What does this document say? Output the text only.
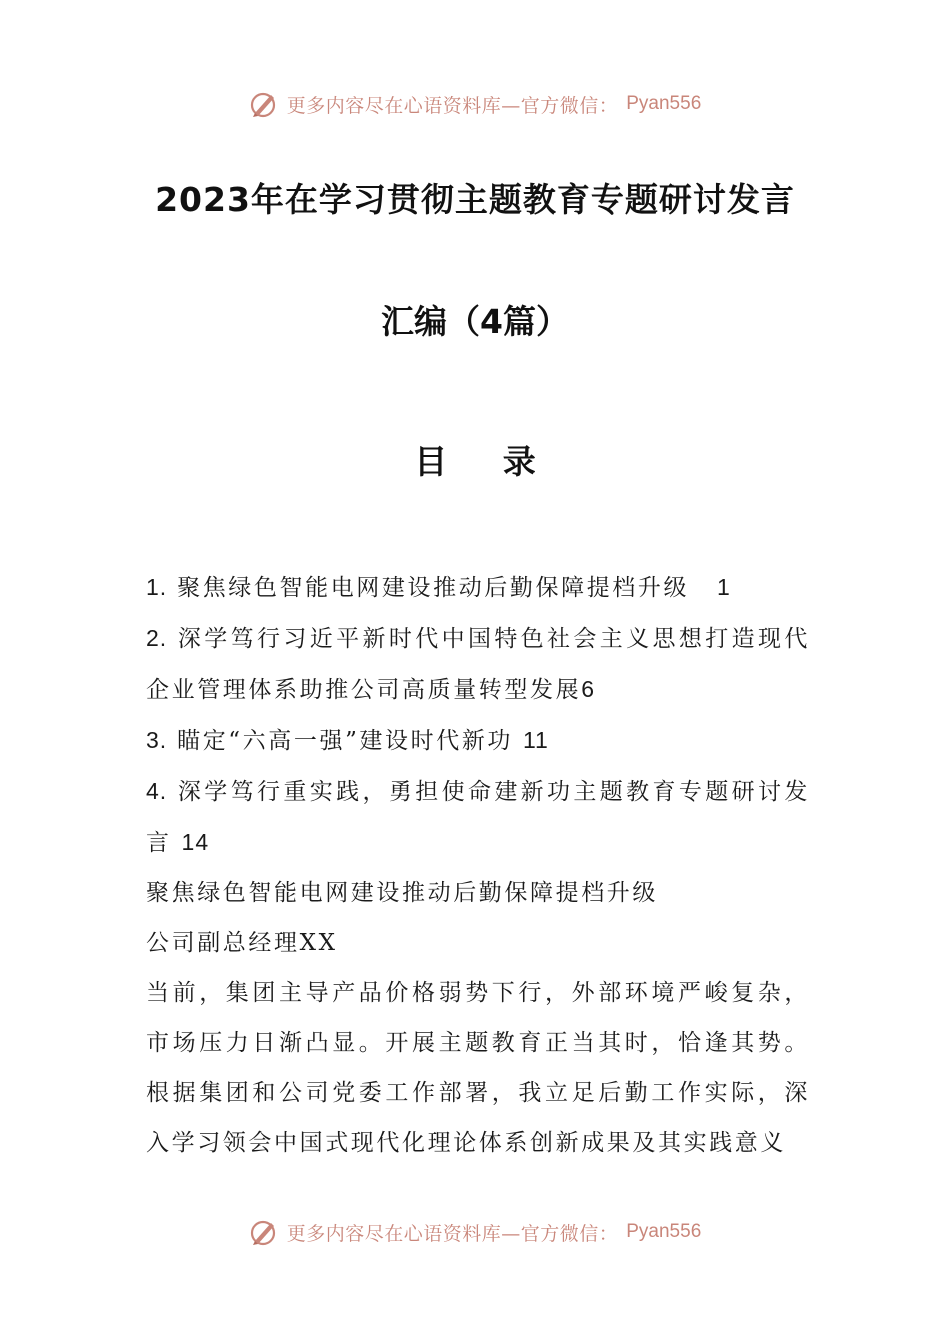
更多内容尽在心语资料库—官方微信： Pyan556
2023年在学习贯彻主题教育专题研讨发言
汇编（4篇）
目 录

1. 聚焦绿色智能电网建设推动后勤保障提档升级 1

2. 深学笃行习近平新时代中国特色社会主义思想打造现代企业管理体系助推公司高质量转型发展6

3. 瞄定“六高一强”建设时代新功 11

4. 深学笃行重实践，勇担使命建新功主题教育专题研讨发言 14

聚焦绿色智能电网建设推动后勤保障提档升级

公司副总经理XX

当前，集团主导产品价格弱势下行，外部环境严峻复杂，市场压力日渐凸显。开展主题教育正当其时，恰逢其势。根据集团和公司党委工作部署，我立足后勤工作实际，深入学习领会中国式现代化理论体系创新成果及其实践意义

更多内容尽在心语资料库—官方微信： Pyan556
